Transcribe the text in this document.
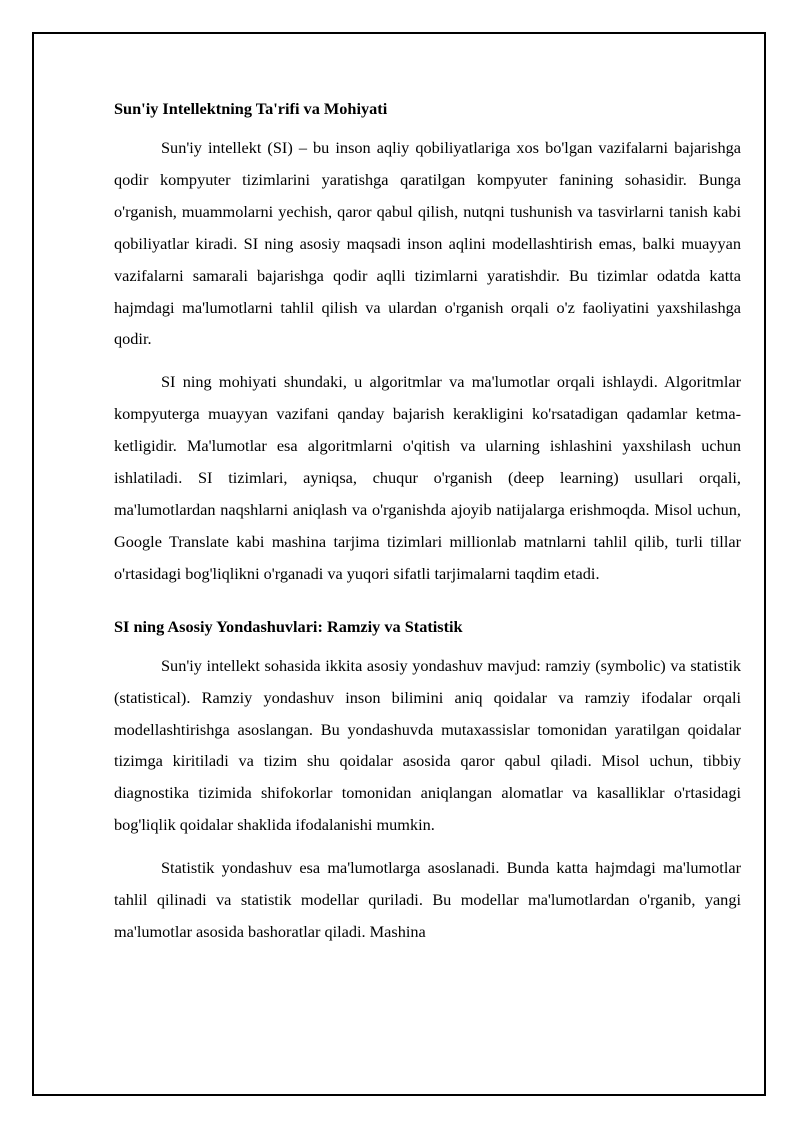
Sun'iy Intellektning Ta'rifi va Mohiyati

Sun'iy intellekt (SI) – bu inson aqliy qobiliyatlariga xos bo'lgan vazifalarni bajarishga qodir kompyuter tizimlarini yaratishga qaratilgan kompyuter fanining sohasidir. Bunga o'rganish, muammolarni yechish, qaror qabul qilish, nutqni tushunish va tasvirlarni tanish kabi qobiliyatlar kiradi. SI ning asosiy maqsadi inson aqlini modellashtirish emas, balki muayyan vazifalarni samarali bajarishga qodir aqlli tizimlarni yaratishdir. Bu tizimlar odatda katta hajmdagi ma'lumotlarni tahlil qilish va ulardan o'rganish orqali o'z faoliyatini yaxshilashga qodir.

SI ning mohiyati shundaki, u algoritmlar va ma'lumotlar orqali ishlaydi. Algoritmlar kompyuterga muayyan vazifani qanday bajarish kerakligini ko'rsatadigan qadamlar ketma-ketligidir. Ma'lumotlar esa algoritmlarni o'qitish va ularning ishlashini yaxshilash uchun ishlatiladi. SI tizimlari, ayniqsa, chuqur o'rganish (deep learning) usullari orqali, ma'lumotlardan naqshlarni aniqlash va o'rganishda ajoyib natijalarga erishmoqda. Misol uchun, Google Translate kabi mashina tarjima tizimlari millionlab matnlarni tahlil qilib, turli tillar o'rtasidagi bog'liqlikni o'rganadi va yuqori sifatli tarjimalarni taqdim etadi.

SI ning Asosiy Yondashuvlari: Ramziy va Statistik

Sun'iy intellekt sohasida ikkita asosiy yondashuv mavjud: ramziy (symbolic) va statistik (statistical). Ramziy yondashuv inson bilimini aniq qoidalar va ramziy ifodalar orqali modellashtirishga asoslangan. Bu yondashuvda mutaxassislar tomonidan yaratilgan qoidalar tizimga kiritiladi va tizim shu qoidalar asosida qaror qabul qiladi. Misol uchun, tibbiy diagnostika tizimida shifokorlar tomonidan aniqlangan alomatlar va kasalliklar o'rtasidagi bog'liqlik qoidalar shaklida ifodalanishi mumkin.

Statistik yondashuv esa ma'lumotlarga asoslanadi. Bunda katta hajmdagi ma'lumotlar tahlil qilinadi va statistik modellar quriladi. Bu modellar ma'lumotlardan o'rganib, yangi ma'lumotlar asosida bashoratlar qiladi. Mashina
